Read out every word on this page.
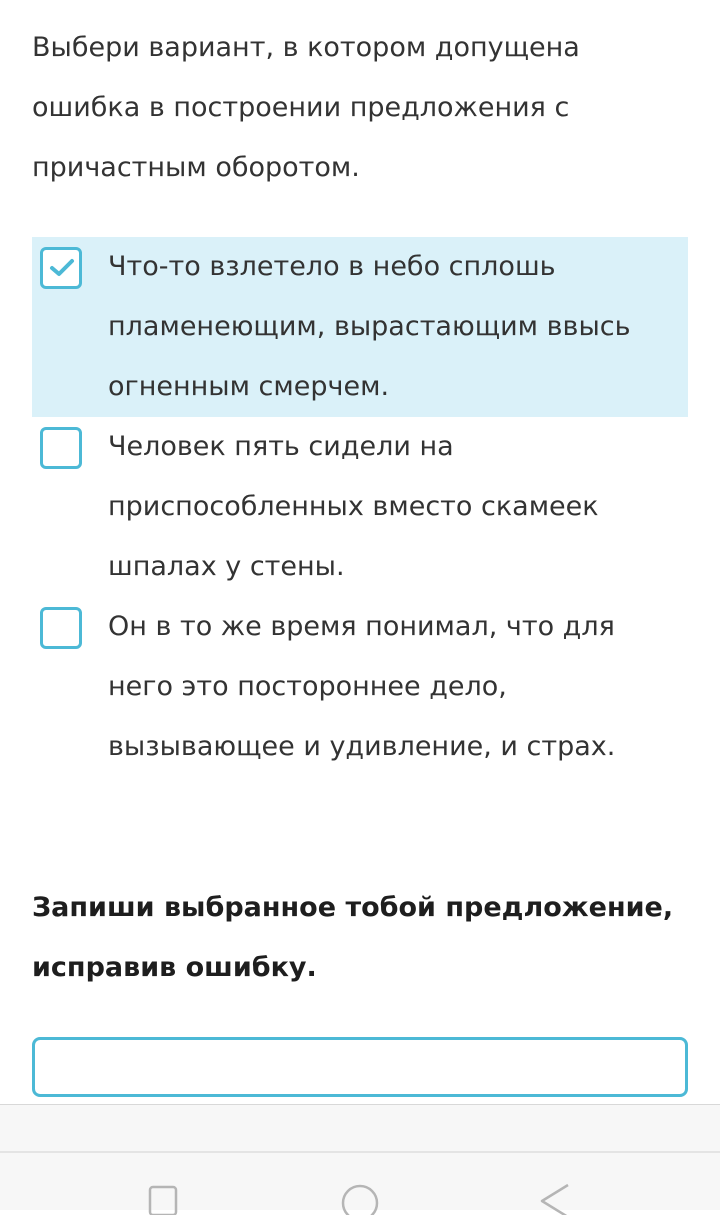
Выбери вариант, в котором допущена
ошибка в построении предложения с
причастным оборотом.
Что-то взлетело в небо сплошь
пламенеющим, вырастающим ввысь
огненным смерчем.
Человек пять сидели на
приспособленных вместо скамеек
шпалах у стены.
Он в то же время понимал, что для
него это постороннее дело,
вызывающее и удивление, и страх.
Запиши выбранное тобой предложение,
исправив ошибку.
